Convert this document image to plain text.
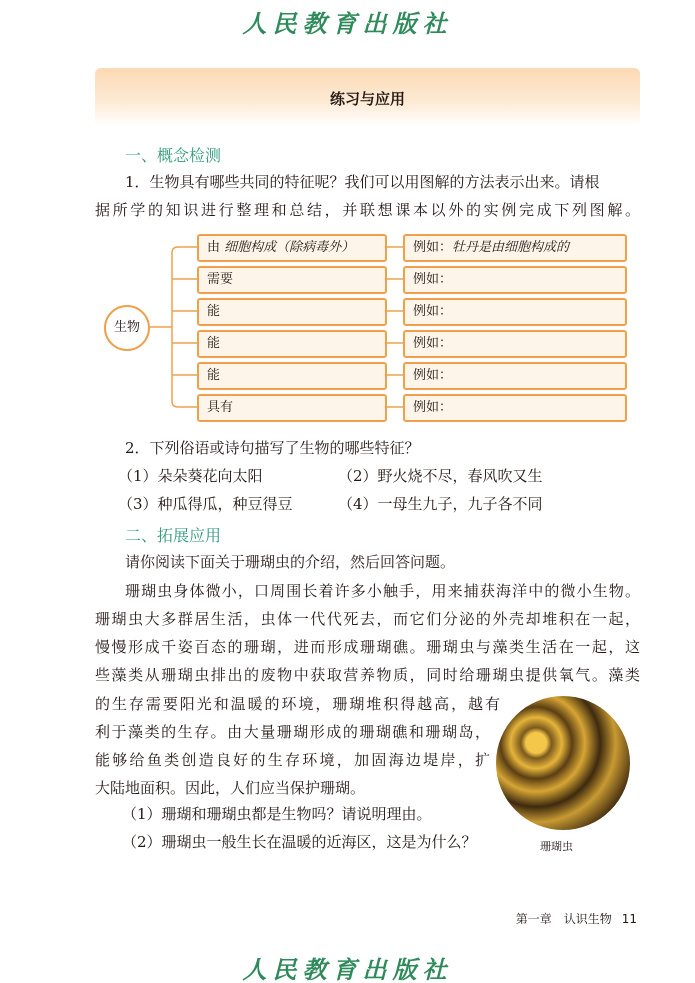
人民教育出版社
练习与应用
一、概念检测
1．生物具有哪些共同的特征呢？我们可以用图解的方法表示出来。请根
据所学的知识进行整理和总结，并联想课本以外的实例完成下列图解。
生物
由 细胞构成（除病毒外）	例如：牡丹是由细胞构成的
需要	例如：
能	例如：
能	例如：
能	例如：
具有	例如：
2．下列俗语或诗句描写了生物的哪些特征？
（1）朵朵葵花向太阳	（2）野火烧不尽，春风吹又生
（3）种瓜得瓜，种豆得豆	（4）一母生九子，九子各不同
二、拓展应用
请你阅读下面关于珊瑚虫的介绍，然后回答问题。
珊瑚虫身体微小，口周围长着许多小触手，用来捕获海洋中的微小生物。
珊瑚虫大多群居生活，虫体一代代死去，而它们分泌的外壳却堆积在一起，
慢慢形成千姿百态的珊瑚，进而形成珊瑚礁。珊瑚虫与藻类生活在一起，这
些藻类从珊瑚虫排出的废物中获取营养物质，同时给珊瑚虫提供氧气。藻类
的生存需要阳光和温暖的环境，珊瑚堆积得越高，越有
利于藻类的生存。由大量珊瑚形成的珊瑚礁和珊瑚岛，
能够给鱼类创造良好的生存环境，加固海边堤岸，扩
大陆地面积。因此，人们应当保护珊瑚。
（1）珊瑚和珊瑚虫都是生物吗？请说明理由。
（2）珊瑚虫一般生长在温暖的近海区，这是为什么？	珊瑚虫
第一章　认识生物 11
人民教育出版社
